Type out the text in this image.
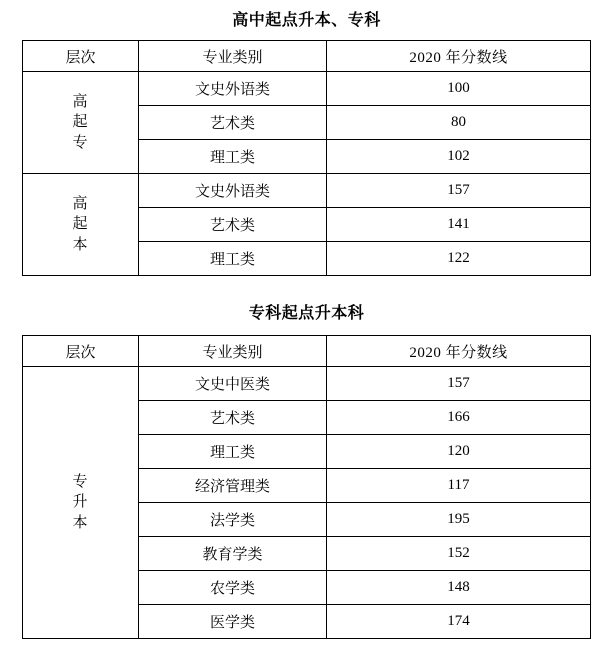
高中起点升本、专科
层次	专业类别	2020 年分数线

高
起
专	文史外语类	100
	艺术类	80
	理工类	102

高
起
本	文史外语类	157
	艺术类	141
	理工类	122
专科起点升本科
层次	专业类别	2020 年分数线

专
升
本	文史中医类	157
	艺术类	166
	理工类	120
	经济管理类	117
	法学类	195
	教育学类	152
	农学类	148
	医学类	174
